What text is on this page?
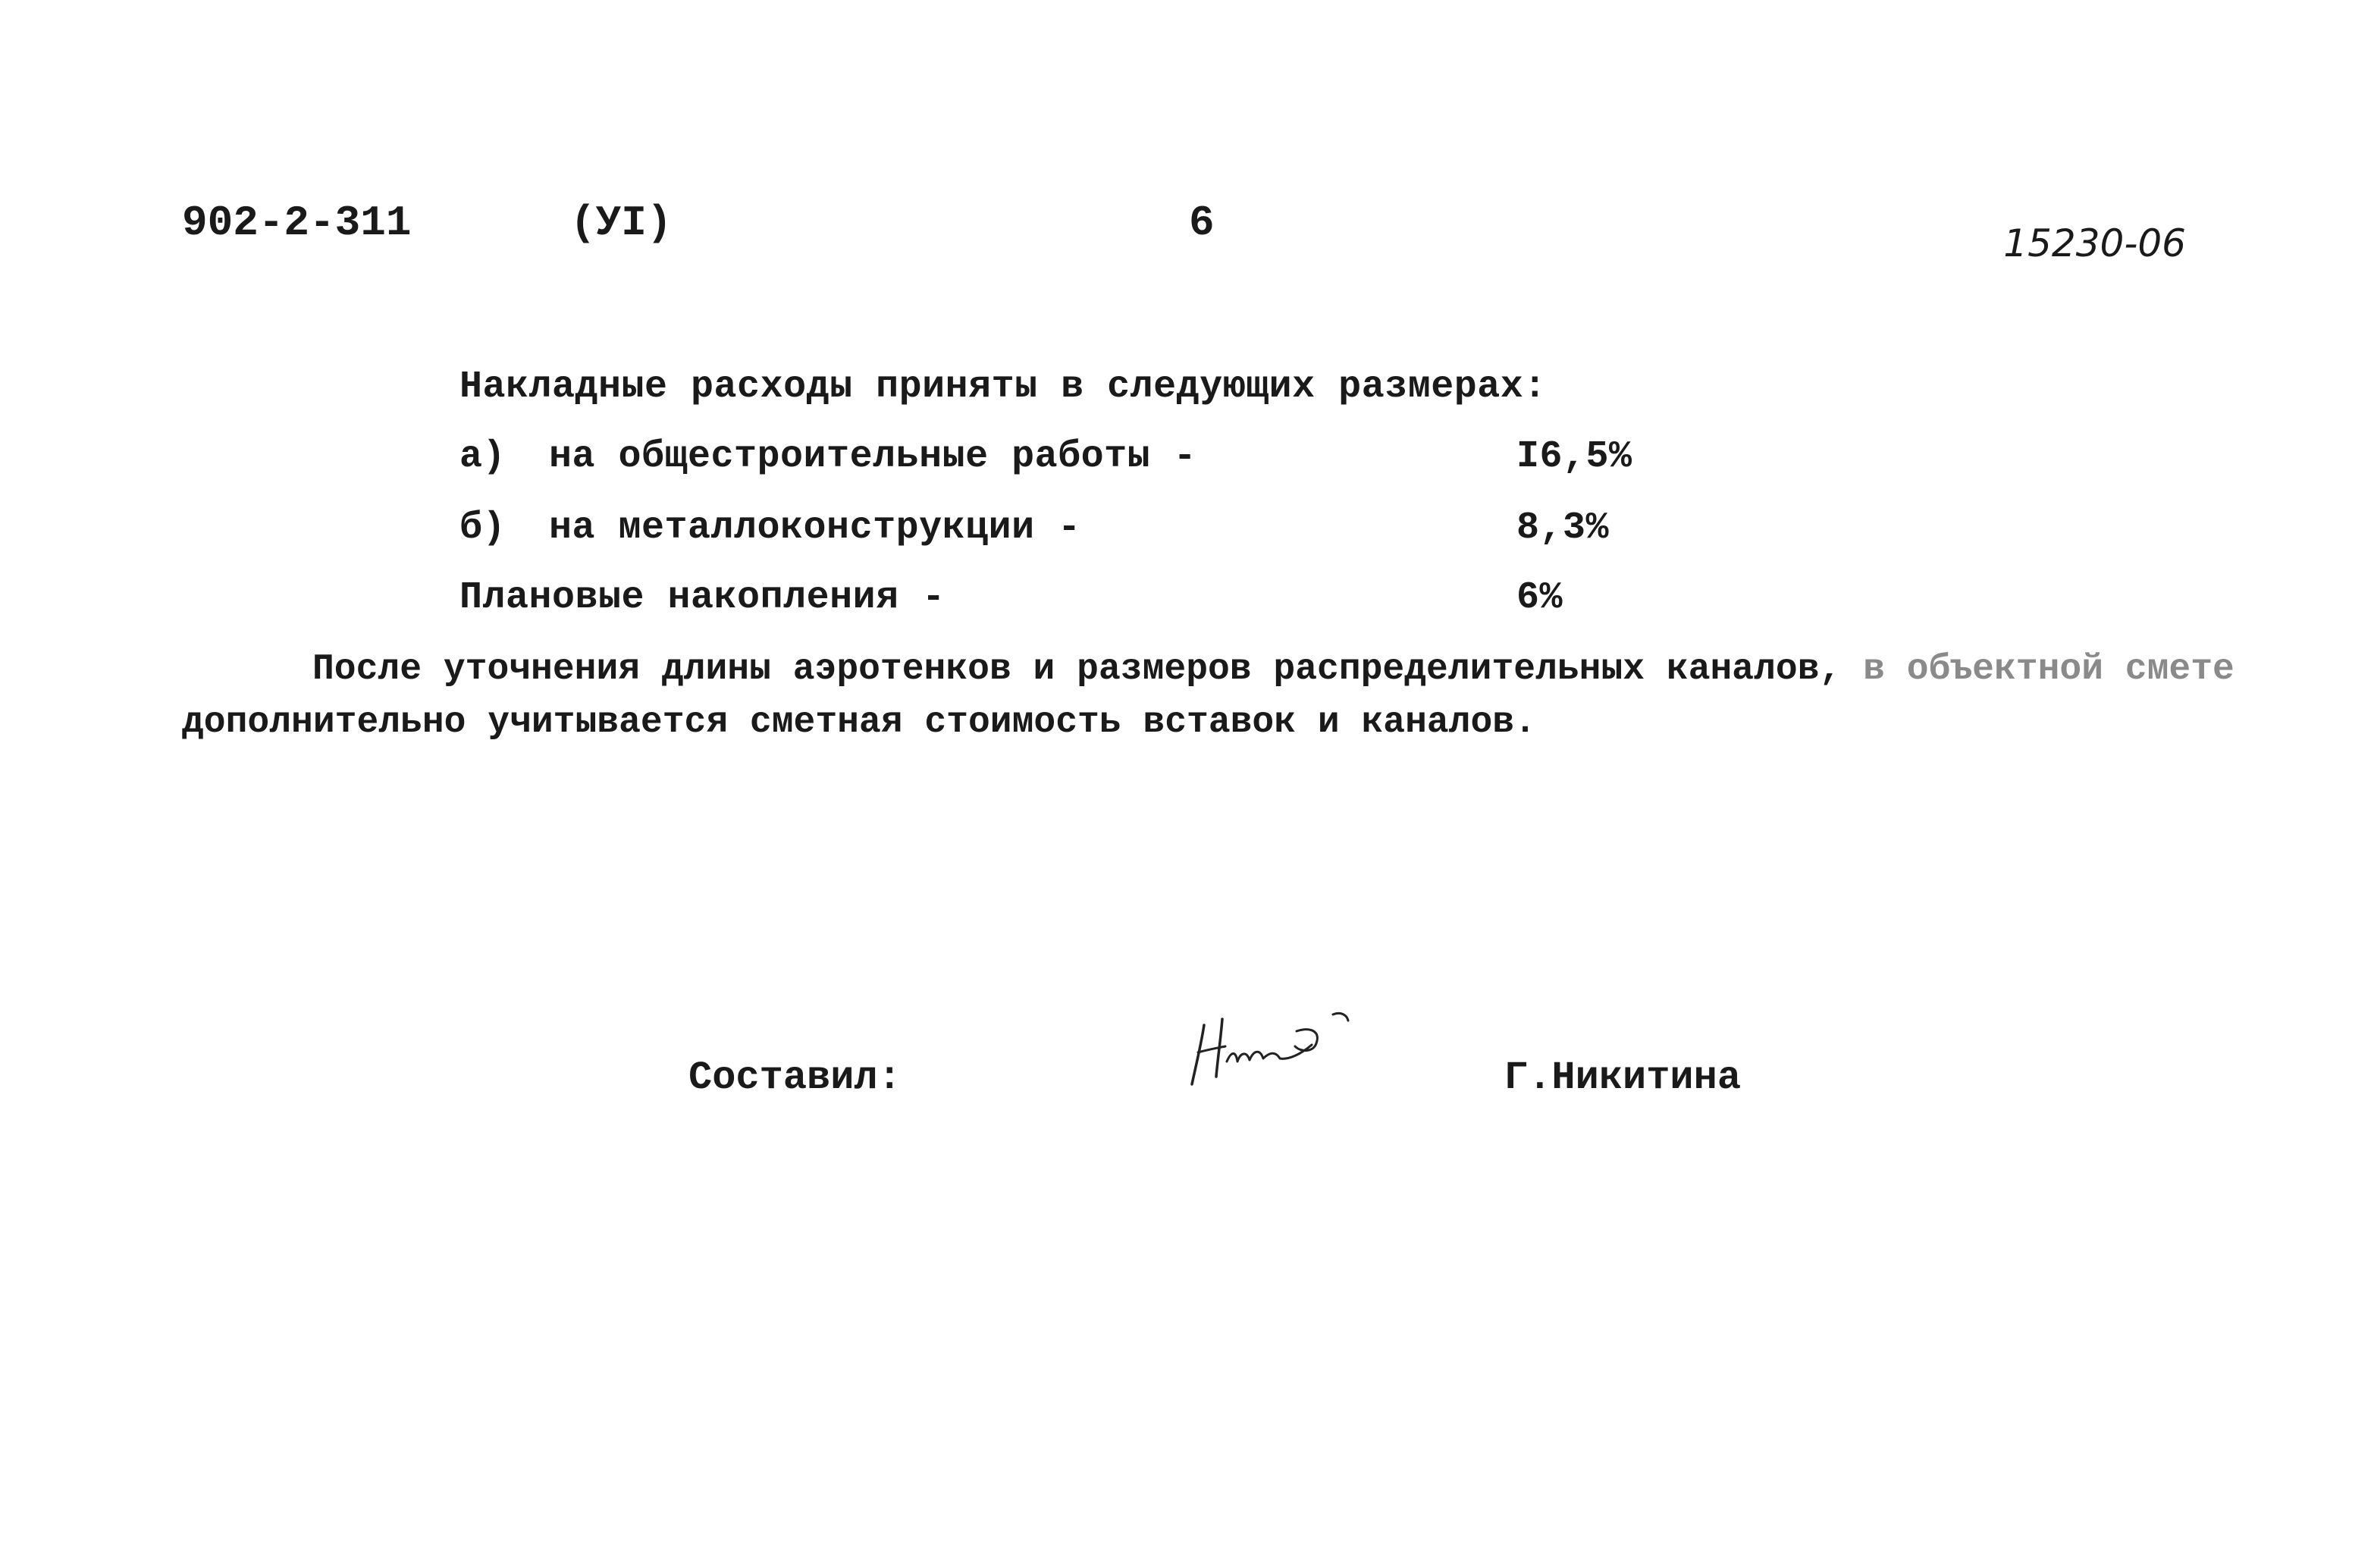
902-2-311	(УI)	6	15230-06
Накладные расходы приняты в следующих размерах:
а) на общестроительные работы -	I6,5%
б) на металлоконструкции -	8,3%
Плановые накопления -	6%
После уточнения длины аэротенков и размеров распределительных каналов, в объектной смете
дополнительно учитывается сметная стоимость вставок и каналов.
Составил:	Г.Никитина
